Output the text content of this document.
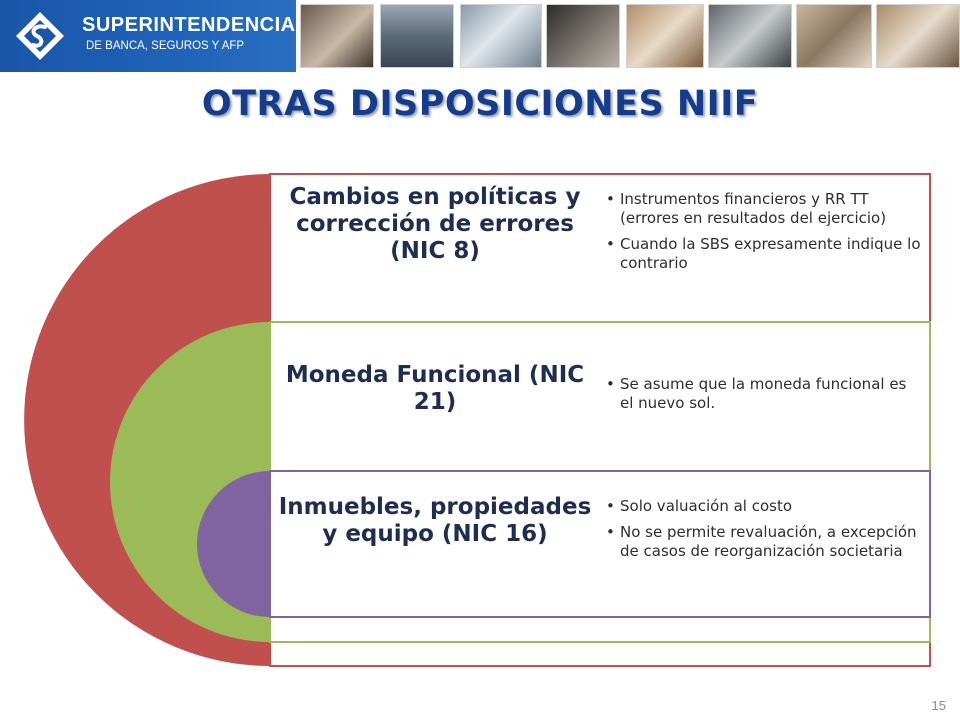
SUPERINTENDENCIA
DE BANCA, SEGUROS Y AFP
OTRAS DISPOSICIONES NIIF
Cambios en políticas y corrección de errores (NIC 8)
Moneda Funcional (NIC 21)
Inmuebles, propiedades y equipo (NIC 16)
• Instrumentos financieros y RR TT (errores en resultados del ejercicio)
• Cuando la SBS expresamente indique lo contrario
• Se asume que la moneda funcional es el nuevo sol.
• Solo valuación al costo
• No se permite revaluación, a excepción de casos de reorganización societaria
15
